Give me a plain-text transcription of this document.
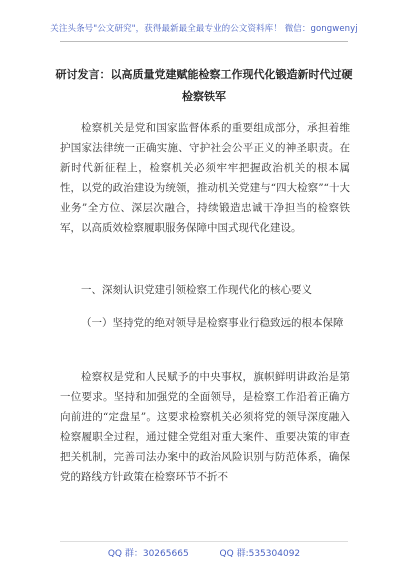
关注头条号"公文研究"，获得最新最全最专业的公文资料库！ 微信：gongwenyj
研讨发言：以高质量党建赋能检察工作现代化锻造新时代过硬检察铁军
检察机关是党和国家监督体系的重要组成部分，承担着维护国家法律统一正确实施、守护社会公平正义的神圣职责。在新时代新征程上，检察机关必须牢牢把握政治机关的根本属性，以党的政治建设为统领，推动机关党建与“四大检察”“十大业务”全方位、深层次融合，持续锻造忠诚干净担当的检察铁军，以高质效检察履职服务保障中国式现代化建设。
一、深刻认识党建引领检察工作现代化的核心要义
（一）坚持党的绝对领导是检察事业行稳致远的根本保障
检察权是党和人民赋予的中央事权，旗帜鲜明讲政治是第一位要求。坚持和加强党的全面领导，是检察工作沿着正确方向前进的“定盘星”。这要求检察机关必须将党的领导深度融入检察履职全过程，通过健全党组对重大案件、重要决策的审查把关机制，完善司法办案中的政治风险识别与防范体系，确保党的路线方针政策在检察环节不折不
QQ 群：30265665	QQ 群:535304092
